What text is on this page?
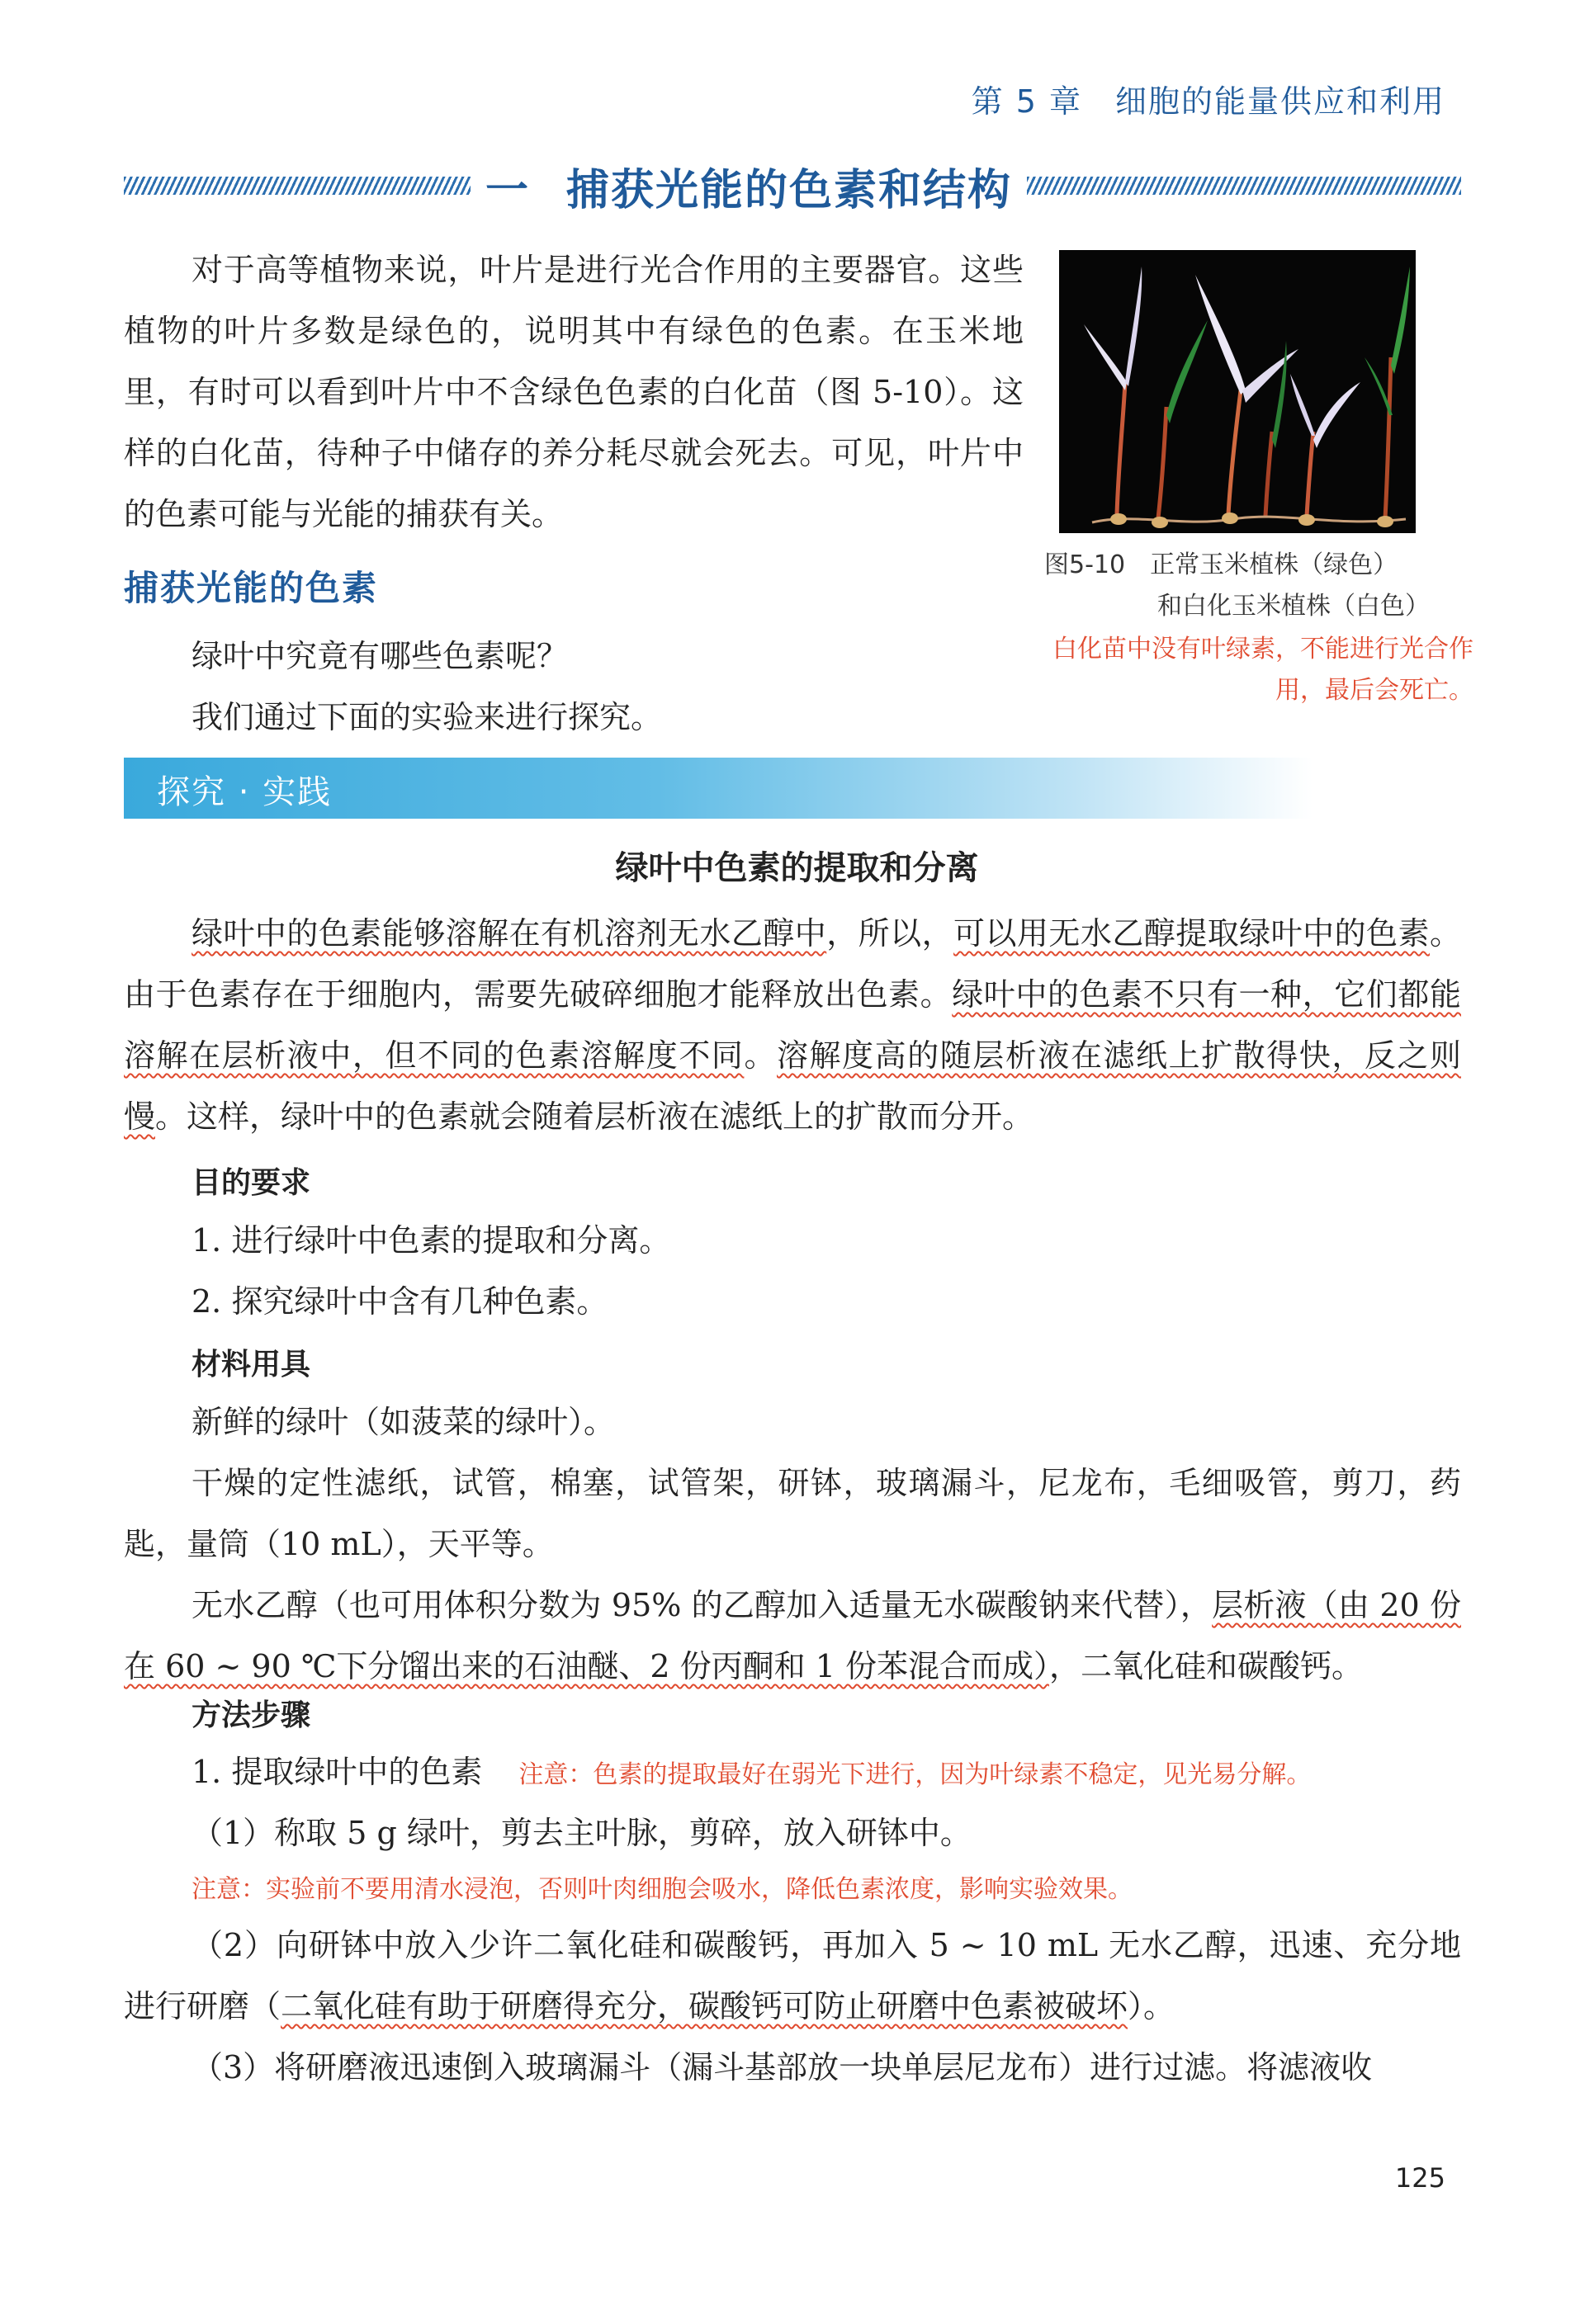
第 5 章 细胞的能量供应和利用
一 捕获光能的色素和结构
对于高等植物来说，叶片是进行光合作用的主要器官。这些植物的叶片多数是绿色的，说明其中有绿色的色素。在玉米地里，有时可以看到叶片中不含绿色色素的白化苗（图 5-10）。这样的白化苗，待种子中储存的养分耗尽就会死去。可见，叶片中的色素可能与光能的捕获有关。
图5-10 正常玉米植株（绿色）
和白化玉米植株（白色）
白化苗中没有叶绿素，不能进行光合作用，最后会死亡。
捕获光能的色素
绿叶中究竟有哪些色素呢？
我们通过下面的实验来进行探究。
探究 · 实践
绿叶中色素的提取和分离
绿叶中的色素能够溶解在有机溶剂无水乙醇中，所以，可以用无水乙醇提取绿叶中的色素。由于色素存在于细胞内，需要先破碎细胞才能释放出色素。绿叶中的色素不只有一种，它们都能溶解在层析液中，但不同的色素溶解度不同。溶解度高的随层析液在滤纸上扩散得快，反之则慢。这样，绿叶中的色素就会随着层析液在滤纸上的扩散而分开。
目的要求
1. 进行绿叶中色素的提取和分离。
2. 探究绿叶中含有几种色素。
材料用具
新鲜的绿叶（如菠菜的绿叶）。
干燥的定性滤纸，试管，棉塞，试管架，研钵，玻璃漏斗，尼龙布，毛细吸管，剪刀，药匙，量筒（10 mL），天平等。
无水乙醇（也可用体积分数为 95% 的乙醇加入适量无水碳酸钠来代替），层析液（由 20 份在 60 ~ 90 ℃下分馏出来的石油醚、2 份丙酮和 1 份苯混合而成），二氧化硅和碳酸钙。
方法步骤
1. 提取绿叶中的色素 注意：色素的提取最好在弱光下进行，因为叶绿素不稳定，见光易分解。
（1）称取 5 g 绿叶，剪去主叶脉，剪碎，放入研钵中。
注意：实验前不要用清水浸泡，否则叶肉细胞会吸水，降低色素浓度，影响实验效果。
（2）向研钵中放入少许二氧化硅和碳酸钙，再加入 5 ~ 10 mL 无水乙醇，迅速、充分地进行研磨（二氧化硅有助于研磨得充分，碳酸钙可防止研磨中色素被破坏）。
（3）将研磨液迅速倒入玻璃漏斗（漏斗基部放一块单层尼龙布）进行过滤。将滤液收
125
